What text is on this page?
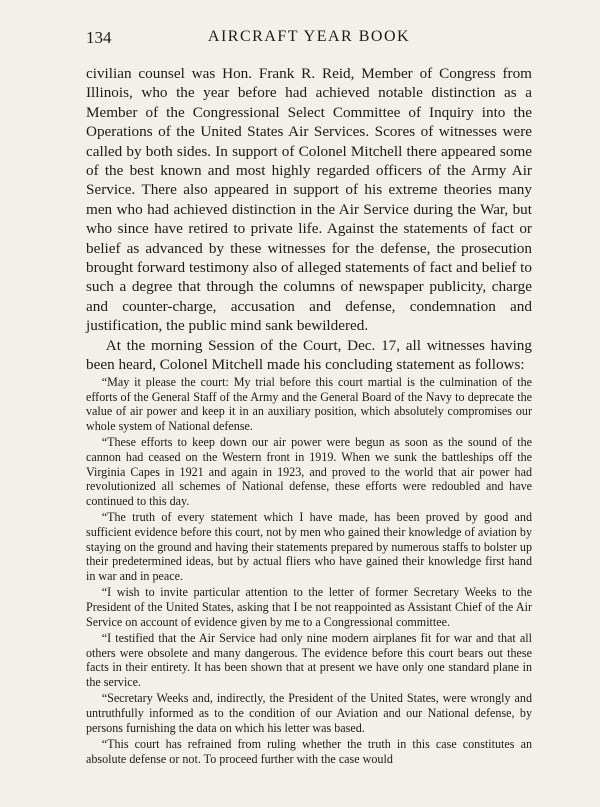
134	AIRCRAFT YEAR BOOK

civilian counsel was Hon. Frank R. Reid, Member of Congress from Illinois, who the year before had achieved notable distinction as a Member of the Congressional Select Committee of Inquiry into the Operations of the United States Air Services. Scores of witnesses were called by both sides. In support of Colonel Mitchell there appeared some of the best known and most highly regarded officers of the Army Air Service. There also appeared in support of his extreme theories many men who had achieved distinction in the Air Service during the War, but who since have retired to private life. Against the statements of fact or belief as advanced by these witnesses for the defense, the prosecution brought forward testimony also of alleged statements of fact and belief to such a degree that through the columns of newspaper publicity, charge and counter-charge, accusation and defense, condemnation and justification, the public mind sank bewildered.

At the morning Session of the Court, Dec. 17, all witnesses having been heard, Colonel Mitchell made his concluding statement as follows:

“May it please the court: My trial before this court martial is the culmination of the efforts of the General Staff of the Army and the General Board of the Navy to deprecate the value of air power and keep it in an auxiliary position, which absolutely compromises our whole system of National defense.

“These efforts to keep down our air power were begun as soon as the sound of the cannon had ceased on the Western front in 1919. When we sunk the battleships off the Virginia Capes in 1921 and again in 1923, and proved to the world that air power had revolutionized all schemes of National defense, these efforts were redoubled and have continued to this day.

“The truth of every statement which I have made, has been proved by good and sufficient evidence before this court, not by men who gained their knowledge of aviation by staying on the ground and having their statements prepared by numerous staffs to bolster up their predetermined ideas, but by actual fliers who have gained their knowledge first hand in war and in peace.

“I wish to invite particular attention to the letter of former Secretary Weeks to the President of the United States, asking that I be not reappointed as Assistant Chief of the Air Service on account of evidence given by me to a Congressional committee.

“I testified that the Air Service had only nine modern airplanes fit for war and that all others were obsolete and many dangerous. The evidence before this court bears out these facts in their entirety. It has been shown that at present we have only one standard plane in the service.

“Secretary Weeks and, indirectly, the President of the United States, were wrongly and untruthfully informed as to the condition of our Aviation and our National defense, by persons furnishing the data on which his letter was based.

“This court has refrained from ruling whether the truth in this case constitutes an absolute defense or not. To proceed further with the case would
